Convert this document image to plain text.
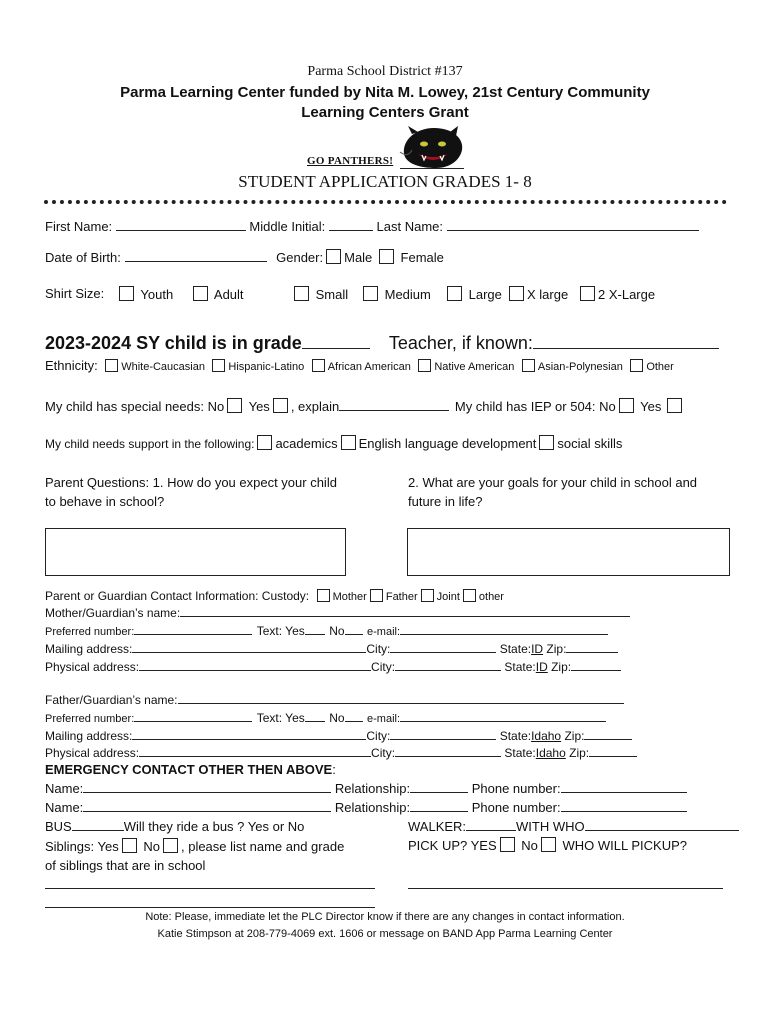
Parma School District #137
Parma Learning Center funded by Nita M. Lowey, 21st Century Community
Learning Centers Grant
GO PANTHERS!
STUDENT APPLICATION GRADES 1- 8
First Name:	Middle Initial:	Last Name:
Date of Birth:	Gender: Male Female
Shirt Size:	Youth	Adult	Small	Medium	Large	X large	2 X-Large
2023-2024 SY child is in grade	Teacher, if known:
Ethnicity: White-Caucasian Hispanic-Latino African American Native American Asian-Polynesian Other
My child has special needs: No Yes , explain	My child has IEP or 504: No Yes
My child needs support in the following: academics English language development social skills
Parent Questions: 1. How do you expect your child
to behave in school?
2. What are your goals for your child in school and
future in life?
Parent or Guardian Contact Information: Custody: Mother Father Joint other
Mother/Guardian’s name:
Preferred number:	Text: Yes No e-mail:
Mailing address:	City:	State:ID Zip:
Physical address:	City:	State:ID Zip:
Father/Guardian’s name:
Preferred number:	Text: Yes No e-mail:
Mailing address:	City:	State:Idaho Zip:
Physical address:	City:	State:Idaho Zip:
EMERGENCY CONTACT OTHER THEN ABOVE:
Name:	Relationship:	Phone number:
Name:	Relationship:	Phone number:
BUS	Will they ride a bus ? Yes or No	WALKER:	WITH WHO
Siblings: Yes No , please list name and grade
of siblings that are in school
PICK UP? YES No WHO WILL PICKUP?
Note: Please, immediate let the PLC Director know if there are any changes in contact information.
Katie Stimpson at 208-779-4069 ext. 1606 or message on BAND App Parma Learning Center
